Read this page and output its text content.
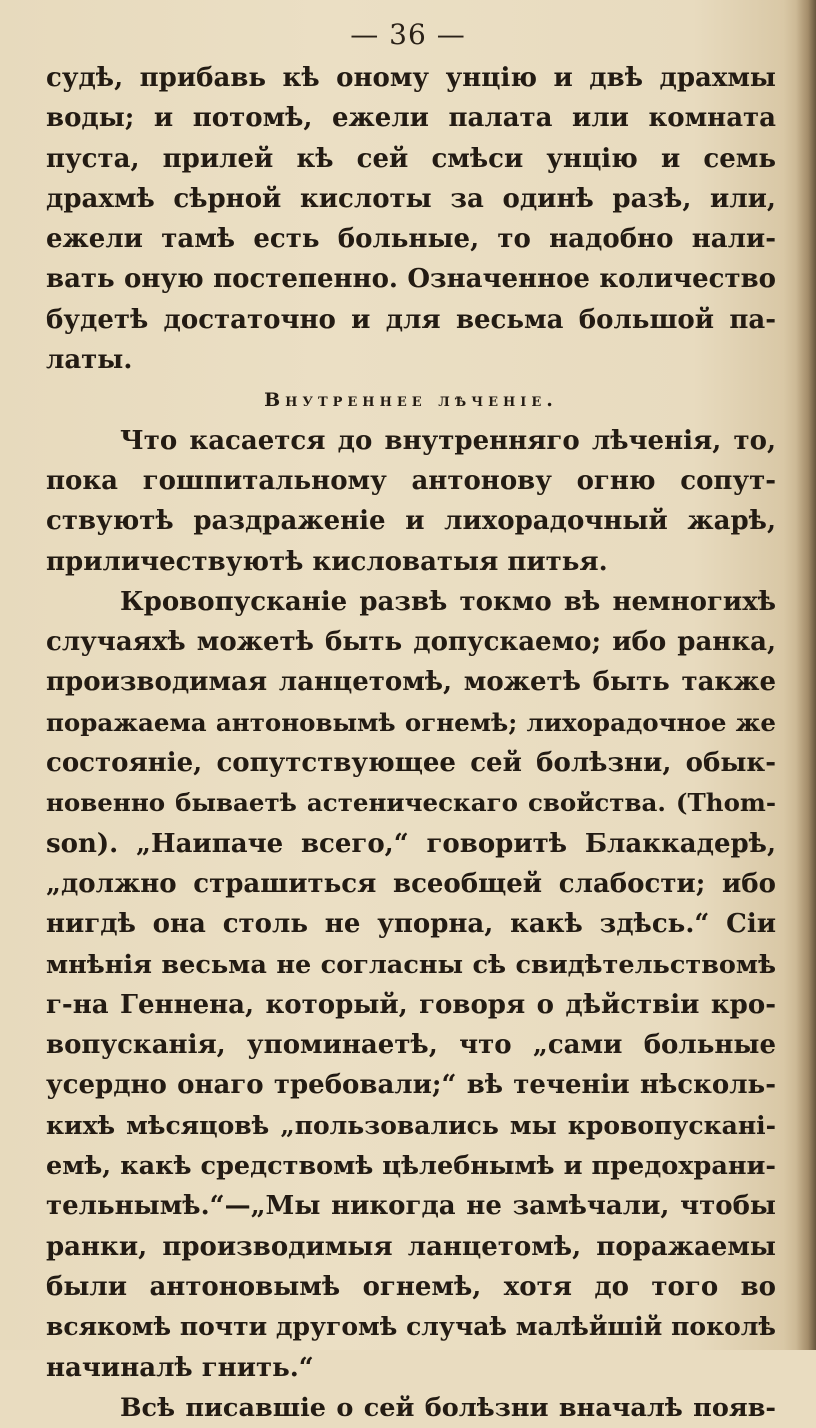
— 36 —
судѣ, прибавь кѣ оному унцію и двѣ драхмы
воды; и потомѣ, ежели палата или комната
пуста, прилей кѣ сей смѣси унцію и семь
драхмѣ сѣрной кислоты за одинѣ разѣ, или,
ежели тамѣ есть больные, то надобно нали-
вать оную постепенно. Означенное количество
будетѣ достаточно и для весьма большой па-
латы.
Внутреннее лѣченіе.
Что касается до внутренняго лѣченія, то,
пока гошпитальному антонову огню сопут-
ствуютѣ раздраженіе и лихорадочный жарѣ,
приличествуютѣ кисловатыя питья.
Кровопусканіе развѣ токмо вѣ немногихѣ
случаяхѣ можетѣ быть допускаемо; ибо ранка,
производимая ланцетомѣ, можетѣ быть также
поражаема антоновымѣ огнемѣ; лихорадочное же
состояніе, сопутствующее сей болѣзни, обык-
новенно бываетѣ астеническаго свойства. (Thom-
son). „Наипаче всего,“ говоритѣ Блаккадерѣ,
„должно страшиться всеобщей слабости; ибо
нигдѣ она столь не упорна, какѣ здѣсь.“ Сіи
мнѣнія весьма не согласны сѣ свидѣтельствомѣ
г-на Геннена, который, говоря о дѣйствіи кро-
вопусканія, упоминаетѣ, что „сами больные
усердно онаго требовали;“ вѣ теченіи нѣсколь-
кихѣ мѣсяцовѣ „пользовались мы кровопусканi-
емѣ, какѣ средствомѣ цѣлебнымѣ и предохрани-
тельнымѣ.“—„Мы никогда не замѣчали, чтобы
ранки, производимыя ланцетомѣ, поражаемы
были антоновымѣ огнемѣ, хотя до того во
всякомѣ почти другомѣ случаѣ малѣйшій поколѣ
начиналѣ гнить.“
Всѣ писавшіе о сей болѣзни вначалѣ появ-
